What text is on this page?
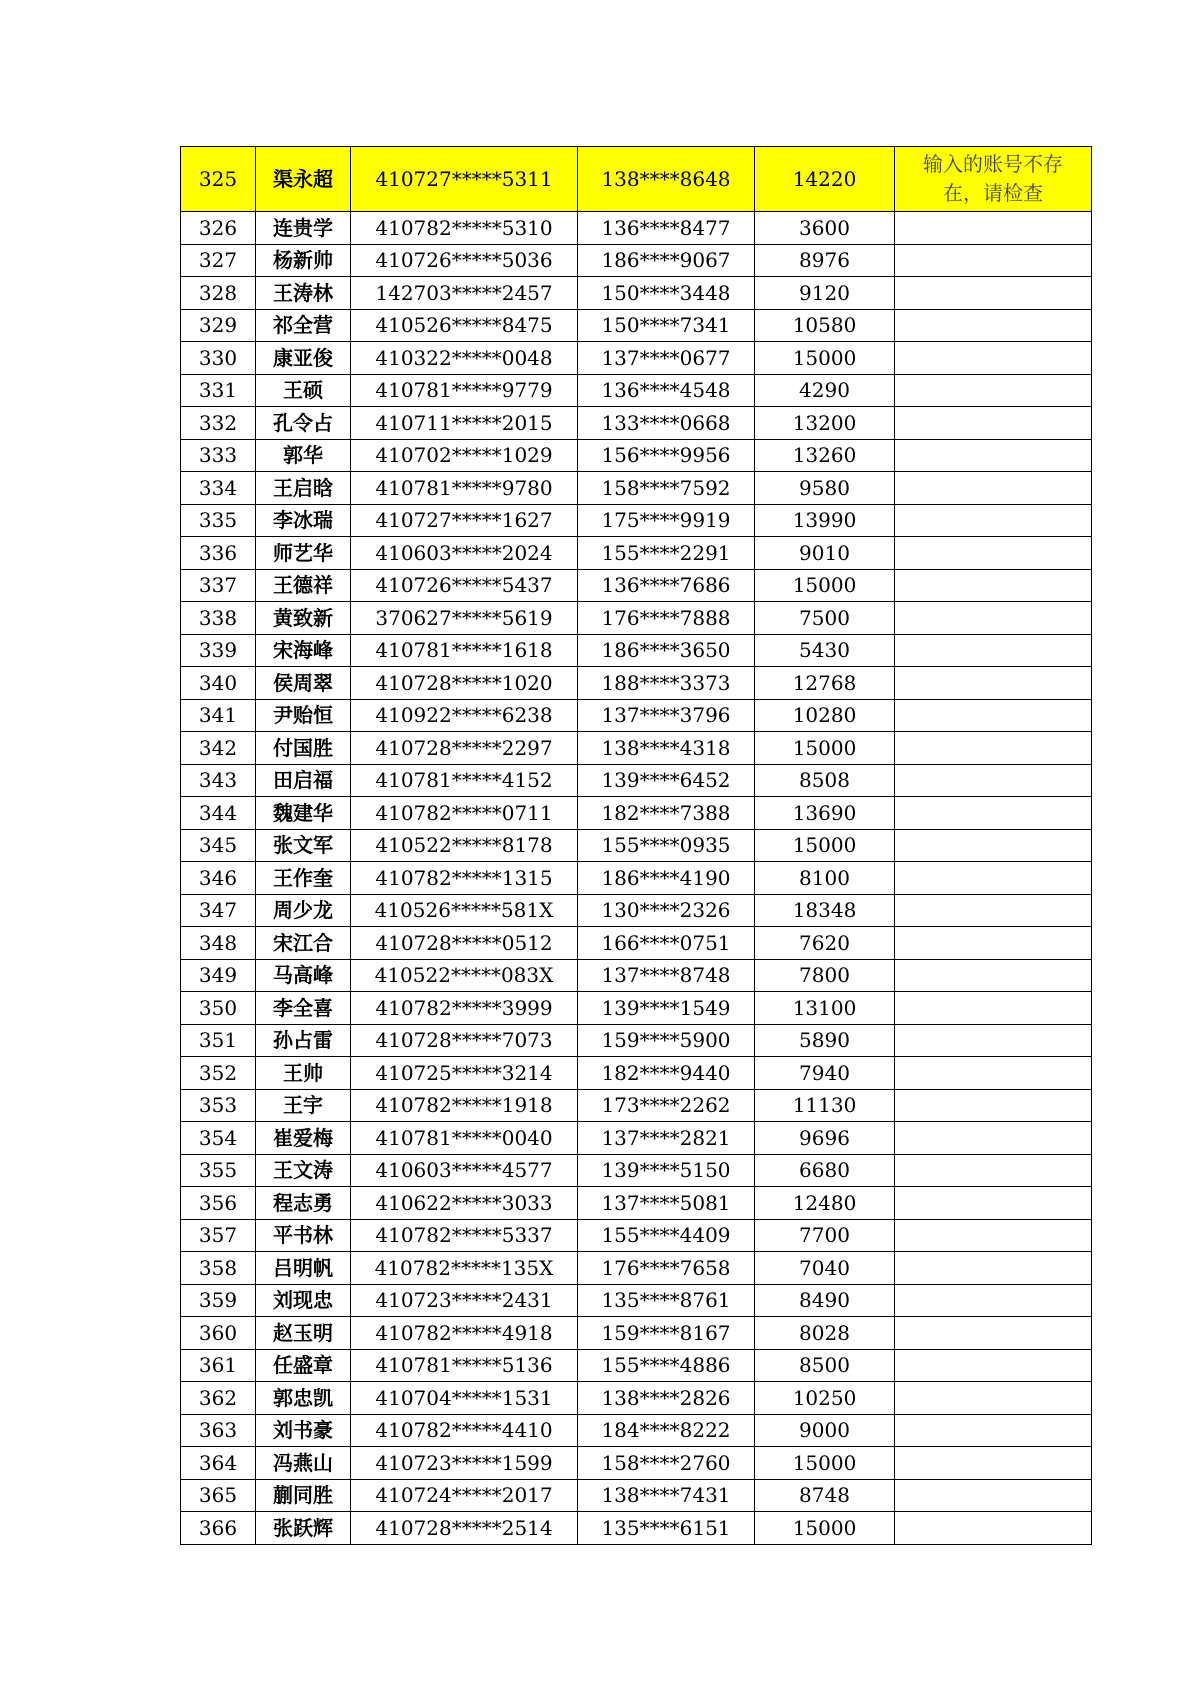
325	渠永超	410727*****5311	138****8648	14220	输入的账号不存在，请检查
326	连贵学	410782*****5310	136****8477	3600	
327	杨新帅	410726*****5036	186****9067	8976	
328	王涛林	142703*****2457	150****3448	9120	
329	祁全营	410526*****8475	150****7341	10580	
330	康亚俊	410322*****0048	137****0677	15000	
331	王硕	410781*****9779	136****4548	4290	
332	孔令占	410711*****2015	133****0668	13200	
333	郭华	410702*****1029	156****9956	13260	
334	王启晗	410781*****9780	158****7592	9580	
335	李冰瑞	410727*****1627	175****9919	13990	
336	师艺华	410603*****2024	155****2291	9010	
337	王德祥	410726*****5437	136****7686	15000	
338	黄致新	370627*****5619	176****7888	7500	
339	宋海峰	410781*****1618	186****3650	5430	
340	侯周翠	410728*****1020	188****3373	12768	
341	尹贻恒	410922*****6238	137****3796	10280	
342	付国胜	410728*****2297	138****4318	15000	
343	田启福	410781*****4152	139****6452	8508	
344	魏建华	410782*****0711	182****7388	13690	
345	张文军	410522*****8178	155****0935	15000	
346	王作奎	410782*****1315	186****4190	8100	
347	周少龙	410526*****581X	130****2326	18348	
348	宋江合	410728*****0512	166****0751	7620	
349	马高峰	410522*****083X	137****8748	7800	
350	李全喜	410782*****3999	139****1549	13100	
351	孙占雷	410728*****7073	159****5900	5890	
352	王帅	410725*****3214	182****9440	7940	
353	王宇	410782*****1918	173****2262	11130	
354	崔爱梅	410781*****0040	137****2821	9696	
355	王文涛	410603*****4577	139****5150	6680	
356	程志勇	410622*****3033	137****5081	12480	
357	平书林	410782*****5337	155****4409	7700	
358	吕明帆	410782*****135X	176****7658	7040	
359	刘现忠	410723*****2431	135****8761	8490	
360	赵玉明	410782*****4918	159****8167	8028	
361	任盛章	410781*****5136	155****4886	8500	
362	郭忠凯	410704*****1531	138****2826	10250	
363	刘书豪	410782*****4410	184****8222	9000	
364	冯燕山	410723*****1599	158****2760	15000	
365	蒯同胜	410724*****2017	138****7431	8748	
366	张跃辉	410728*****2514	135****6151	15000	
